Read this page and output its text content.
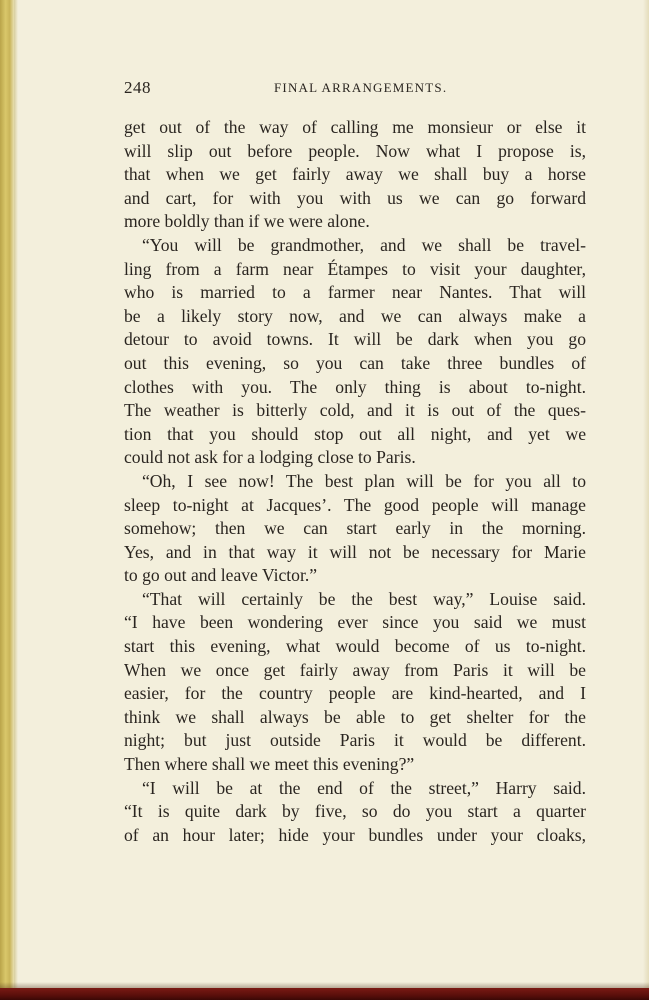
248	FINAL ARRANGEMENTS.
get out of the way of calling me monsieur or else it
will slip out before people. Now what I propose is,
that when we get fairly away we shall buy a horse
and cart, for with you with us we can go forward
more boldly than if we were alone.
“You will be grandmother, and we shall be travel-
ling from a farm near Étampes to visit your daughter,
who is married to a farmer near Nantes. That will
be a likely story now, and we can always make a
detour to avoid towns. It will be dark when you go
out this evening, so you can take three bundles of
clothes with you. The only thing is about to-night.
The weather is bitterly cold, and it is out of the ques-
tion that you should stop out all night, and yet we
could not ask for a lodging close to Paris.
“Oh, I see now! The best plan will be for you all to
sleep to-night at Jacques’. The good people will manage
somehow; then we can start early in the morning.
Yes, and in that way it will not be necessary for Marie
to go out and leave Victor.”
“That will certainly be the best way,” Louise said.
“I have been wondering ever since you said we must
start this evening, what would become of us to-night.
When we once get fairly away from Paris it will be
easier, for the country people are kind-hearted, and I
think we shall always be able to get shelter for the
night; but just outside Paris it would be different.
Then where shall we meet this evening?”
“I will be at the end of the street,” Harry said.
“It is quite dark by five, so do you start a quarter
of an hour later; hide your bundles under your cloaks,
